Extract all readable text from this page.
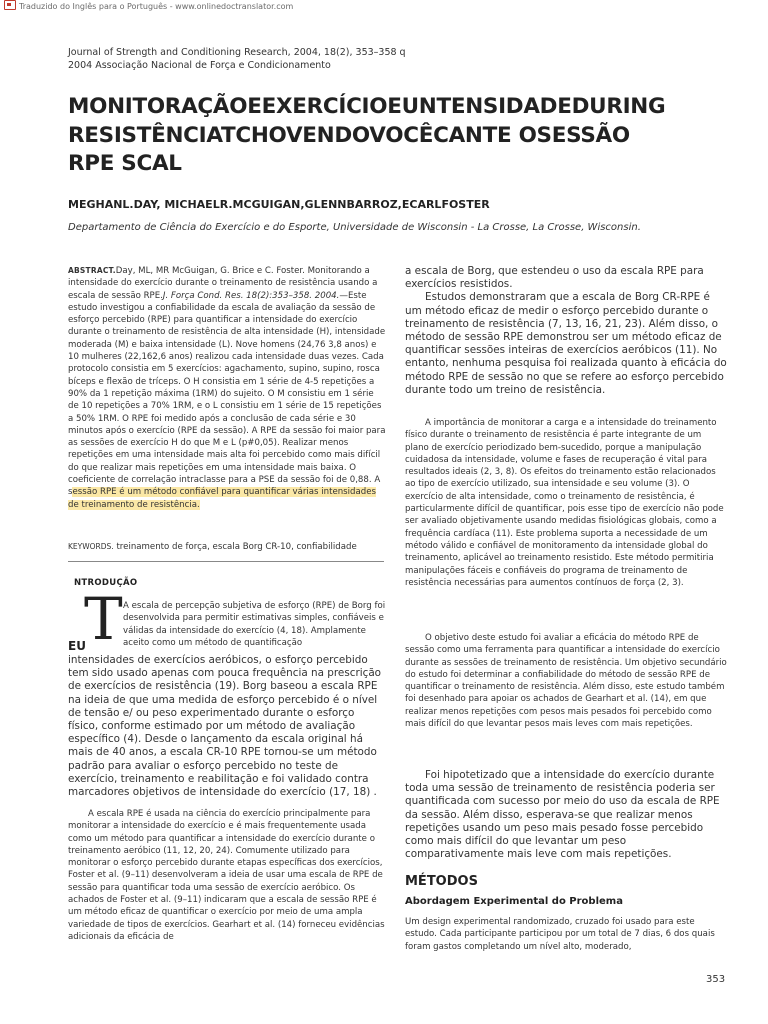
Traduzido do Inglês para o Português - www.onlinedoctranslator.com
Journal of Strength and Conditioning Research, 2004, 18(2), 353–358 q
2004 Associação Nacional de Força e Condicionamento
MONITORAÇÃOEEXERCÍCIOEUNTENSIDADEDURING
RESISTÊNCIATCHOVENDOVOCÊCANTE OSESSÃO
RPE SCAL
MEGHANL.DAY, MICHAELR.MCGUIGAN,GLENNBARROZ,ECARLFOSTER
Departamento de Ciência do Exercício e do Esporte, Universidade de Wisconsin - La Crosse, La Crosse, Wisconsin.
ABSTRACT.Day, ML, MR McGuigan, G. Brice e C. Foster. Monitorando a intensidade do exercício durante o treinamento de resistência usando a escala de sessão RPE.J. Força Cond. Res. 18(2):353–358. 2004.—Este estudo investigou a confiabilidade da escala de avaliação da sessão de esforço percebido (RPE) para quantificar a intensidade do exercício durante o treinamento de resistência de alta intensidade (H), intensidade moderada (M) e baixa intensidade (L). Nove homens (24,76 3,8 anos) e 10 mulheres (22,162,6 anos) realizou cada intensidade duas vezes. Cada protocolo consistia em 5 exercícios: agachamento, supino, supino, rosca bíceps e flexão de tríceps. O H consistia em 1 série de 4-5 repetições a 90% da 1 repetição máxima (1RM) do sujeito. O M consistiu em 1 série de 10 repetições a 70% 1RM, e o L consistiu em 1 série de 15 repetições a 50% 1RM. O RPE foi medido após a conclusão de cada série e 30 minutos após o exercício (RPE da sessão). A RPE da sessão foi maior para as sessões de exercício H do que M e L (p#0,05). Realizar menos repetições em uma intensidade mais alta foi percebido como mais difícil do que realizar mais repetições em uma intensidade mais baixa. O coeficiente de correlação intraclasse para a PSE da sessão foi de 0,88. A sessão RPE é um método confiável para quantificar várias intensidades de treinamento de resistência.
KEYWORDS. treinamento de força, escala Borg CR-10, confiabilidade
NTRODUÇÃO
T
EU

A escala de percepção subjetiva de esforço (RPE) de Borg foi desenvolvida para permitir estimativas simples, confiáveis e válidas da intensidade do exercício (4, 18). Amplamente aceito como um método de quantificação

intensidades de exercícios aeróbicos, o esforço percebido tem sido usado apenas com pouca frequência na prescrição de exercícios de resistência (19). Borg baseou a escala RPE na ideia de que uma medida de esforço percebido é o nível de tensão e/ ou peso experimentado durante o esforço físico, conforme estimado por um método de avaliação específico (4). Desde o lançamento da escala original há mais de 40 anos, a escala CR-10 RPE tornou-se um método padrão para avaliar o esforço percebido no teste de exercício, treinamento e reabilitação e foi validado contra marcadores objetivos de intensidade do exercício (17, 18) .

A escala RPE é usada na ciência do exercício principalmente para monitorar a intensidade do exercício e é mais frequentemente usada como um método para quantificar a intensidade do exercício durante o treinamento aeróbico (11, 12, 20, 24). Comumente utilizado para monitorar o esforço percebido durante etapas específicas dos exercícios, Foster et al. (9–11) desenvolveram a ideia de usar uma escala de RPE de sessão para quantificar toda uma sessão de exercício aeróbico. Os achados de Foster et al. (9–11) indicaram que a escala de sessão RPE é um método eficaz de quantificar o exercício por meio de uma ampla variedade de tipos de exercícios. Gearhart et al. (14) forneceu evidências adicionais da eficácia de

a escala de Borg, que estendeu o uso da escala RPE para exercícios resistidos.

Estudos demonstraram que a escala de Borg CR-RPE é um método eficaz de medir o esforço percebido durante o treinamento de resistência (7, 13, 16, 21, 23). Além disso, o método de sessão RPE demonstrou ser um método eficaz de quantificar sessões inteiras de exercícios aeróbicos (11). No entanto, nenhuma pesquisa foi realizada quanto à eficácia do método RPE de sessão no que se refere ao esforço percebido durante todo um treino de resistência.

A importância de monitorar a carga e a intensidade do treinamento físico durante o treinamento de resistência é parte integrante de um plano de exercício periodizado bem-sucedido, porque a manipulação cuidadosa da intensidade, volume e fases de recuperação é vital para resultados ideais (2, 3, 8). Os efeitos do treinamento estão relacionados ao tipo de exercício utilizado, sua intensidade e seu volume (3). O exercício de alta intensidade, como o treinamento de resistência, é particularmente difícil de quantificar, pois esse tipo de exercício não pode ser avaliado objetivamente usando medidas fisiológicas globais, como a frequência cardíaca (11). Este problema suporta a necessidade de um método válido e confiável de monitoramento da intensidade global do treinamento, aplicável ao treinamento resistido. Este método permitiria manipulações fáceis e confiáveis do programa de treinamento de resistência necessárias para aumentos contínuos de força (2, 3).

O objetivo deste estudo foi avaliar a eficácia do método RPE de sessão como uma ferramenta para quantificar a intensidade do exercício durante as sessões de treinamento de resistência. Um objetivo secundário do estudo foi determinar a confiabilidade do método de sessão RPE de quantificar o treinamento de resistência. Além disso, este estudo também foi desenhado para apoiar os achados de Gearhart et al. (14), em que realizar menos repetições com pesos mais pesados foi percebido como mais difícil do que levantar pesos mais leves com mais repetições.

Foi hipotetizado que a intensidade do exercício durante toda uma sessão de treinamento de resistência poderia ser quantificada com sucesso por meio do uso da escala de RPE da sessão. Além disso, esperava-se que realizar menos repetições usando um peso mais pesado fosse percebido como mais difícil do que levantar um peso comparativamente mais leve com mais repetições.

MÉTODOS
Abordagem Experimental do Problema

Um design experimental randomizado, cruzado foi usado para este estudo. Cada participante participou por um total de 7 dias, 6 dos quais foram gastos completando um nível alto, moderado,

353
